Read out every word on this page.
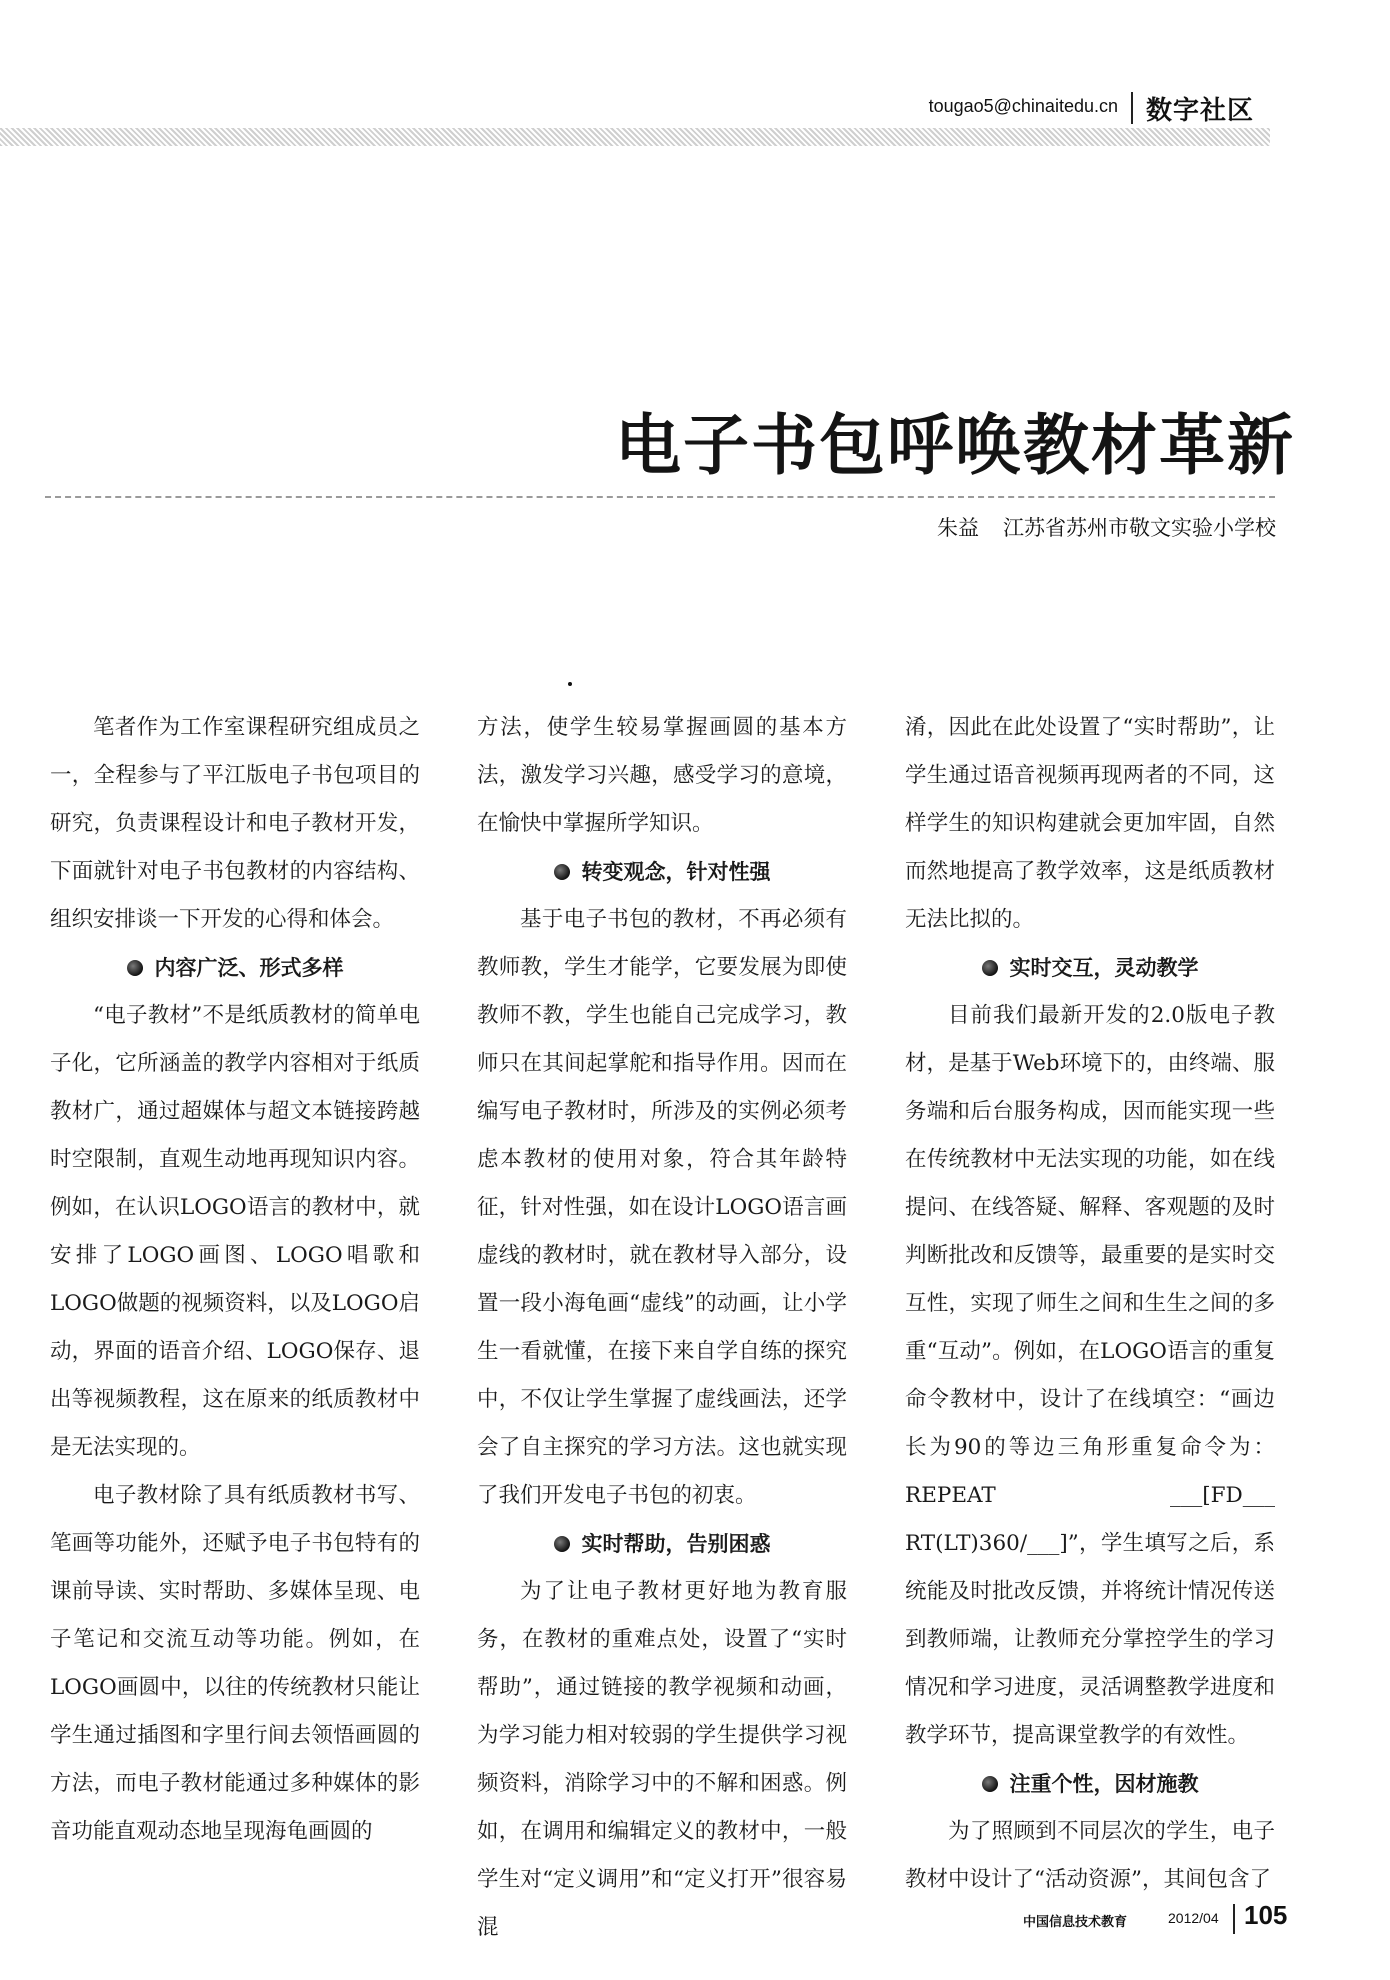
tougao5@chinaitedu.cn 数字社区
电子书包呼唤教材革新
朱益 江苏省苏州市敬文实验小学校

笔者作为工作室课程研究组成员之一，全程参与了平江版电子书包项目的研究，负责课程设计和电子教材开发，下面就针对电子书包教材的内容结构、组织安排谈一下开发的心得和体会。

内容广泛、形式多样

“电子教材”不是纸质教材的简单电子化，它所涵盖的教学内容相对于纸质教材广，通过超媒体与超文本链接跨越时空限制，直观生动地再现知识内容。例如，在认识LOGO语言的教材中，就安排了LOGO画图、LOGO唱歌和LOGO做题的视频资料，以及LOGO启动，界面的语音介绍、LOGO保存、退出等视频教程，这在原来的纸质教材中是无法实现的。

电子教材除了具有纸质教材书写、笔画等功能外，还赋予电子书包特有的课前导读、实时帮助、多媒体呈现、电子笔记和交流互动等功能。例如，在LOGO画圆中，以往的传统教材只能让学生通过插图和字里行间去领悟画圆的方法，而电子教材能通过多种媒体的影音功能直观动态地呈现海龟画圆的

方法，使学生较易掌握画圆的基本方法，激发学习兴趣，感受学习的意境，在愉快中掌握所学知识。

转变观念，针对性强

基于电子书包的教材，不再必须有教师教，学生才能学，它要发展为即使教师不教，学生也能自己完成学习，教师只在其间起掌舵和指导作用。因而在编写电子教材时，所涉及的实例必须考虑本教材的使用对象，符合其年龄特征，针对性强，如在设计LOGO语言画虚线的教材时，就在教材导入部分，设置一段小海龟画“虚线”的动画，让小学生一看就懂，在接下来自学自练的探究中，不仅让学生掌握了虚线画法，还学会了自主探究的学习方法。这也就实现了我们开发电子书包的初衷。

实时帮助，告别困惑

为了让电子教材更好地为教育服务，在教材的重难点处，设置了“实时帮助”，通过链接的教学视频和动画，为学习能力相对较弱的学生提供学习视频资料，消除学习中的不解和困惑。例如，在调用和编辑定义的教材中，一般学生对“定义调用”和“定义打开”很容易混

淆，因此在此处设置了“实时帮助”，让学生通过语音视频再现两者的不同，这样学生的知识构建就会更加牢固，自然而然地提高了教学效率，这是纸质教材无法比拟的。

实时交互，灵动教学

目前我们最新开发的2.0版电子教材，是基于Web环境下的，由终端、服务端和后台服务构成，因而能实现一些在传统教材中无法实现的功能，如在线提问、在线答疑、解释、客观题的及时判断批改和反馈等，最重要的是实时交互性，实现了师生之间和生生之间的多重“互动”。例如，在LOGO语言的重复命令教材中，设计了在线填空：“画边长为90的等边三角形重复命令为：REPEAT ___[FD___ RT(LT)360/___]”，学生填写之后，系统能及时批改反馈，并将统计情况传送到教师端，让教师充分掌控学生的学习情况和学习进度，灵活调整教学进度和教学环节，提高课堂教学的有效性。

注重个性，因材施教

为了照顾到不同层次的学生，电子教材中设计了“活动资源”，其间包含了

中国信息技术教育	2012/04 105
